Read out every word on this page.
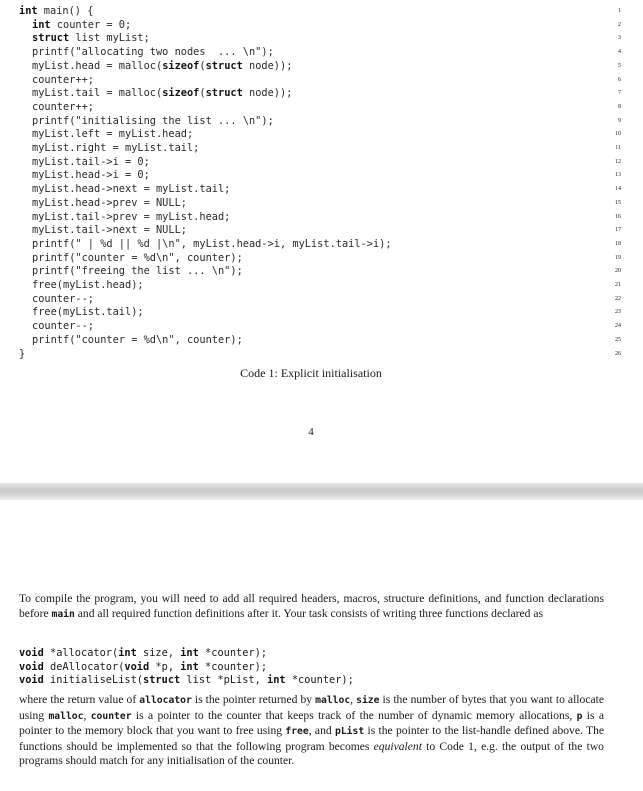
int main() {	1
int counter = 0;	2
struct list myList;	3
printf("allocating two nodes  ... \n");	4
myList.head = malloc(sizeof(struct node));	5
counter++;	6
myList.tail = malloc(sizeof(struct node));	7
counter++;	8
printf("initialising the list ... \n");	9
myList.left = myList.head;	10
myList.right = myList.tail;	11
myList.tail->i = 0;	12
myList.head->i = 0;	13
myList.head->next = myList.tail;	14
myList.head->prev = NULL;	15
myList.tail->prev = myList.head;	16
myList.tail->next = NULL;	17
printf(" | %d || %d |\n", myList.head->i, myList.tail->i);	18
printf("counter = %d\n", counter);	19
printf("freeing the list ... \n");	20
free(myList.head);	21
counter--;	22
free(myList.tail);	23
counter--;	24
printf("counter = %d\n", counter);	25
}	26
Code 1: Explicit initialisation
4

To compile the program, you will need to add all required headers, macros, structure definitions, and function declarations before main and all required function definitions after it. Your task consists of writing three functions declared as

void *allocator(int size, int *counter);
void deAllocator(void *p, int *counter);
void initialiseList(struct list *pList, int *counter);

where the return value of allocator is the pointer returned by malloc, size is the number of bytes that you want to allocate using malloc, counter is a pointer to the counter that keeps track of the number of dynamic memory allocations, p is a pointer to the memory block that you want to free using free, and pList is the pointer to the list-handle defined above. The functions should be implemented so that the following program becomes equivalent to Code 1, e.g. the output of the two programs should match for any initialisation of the counter.
